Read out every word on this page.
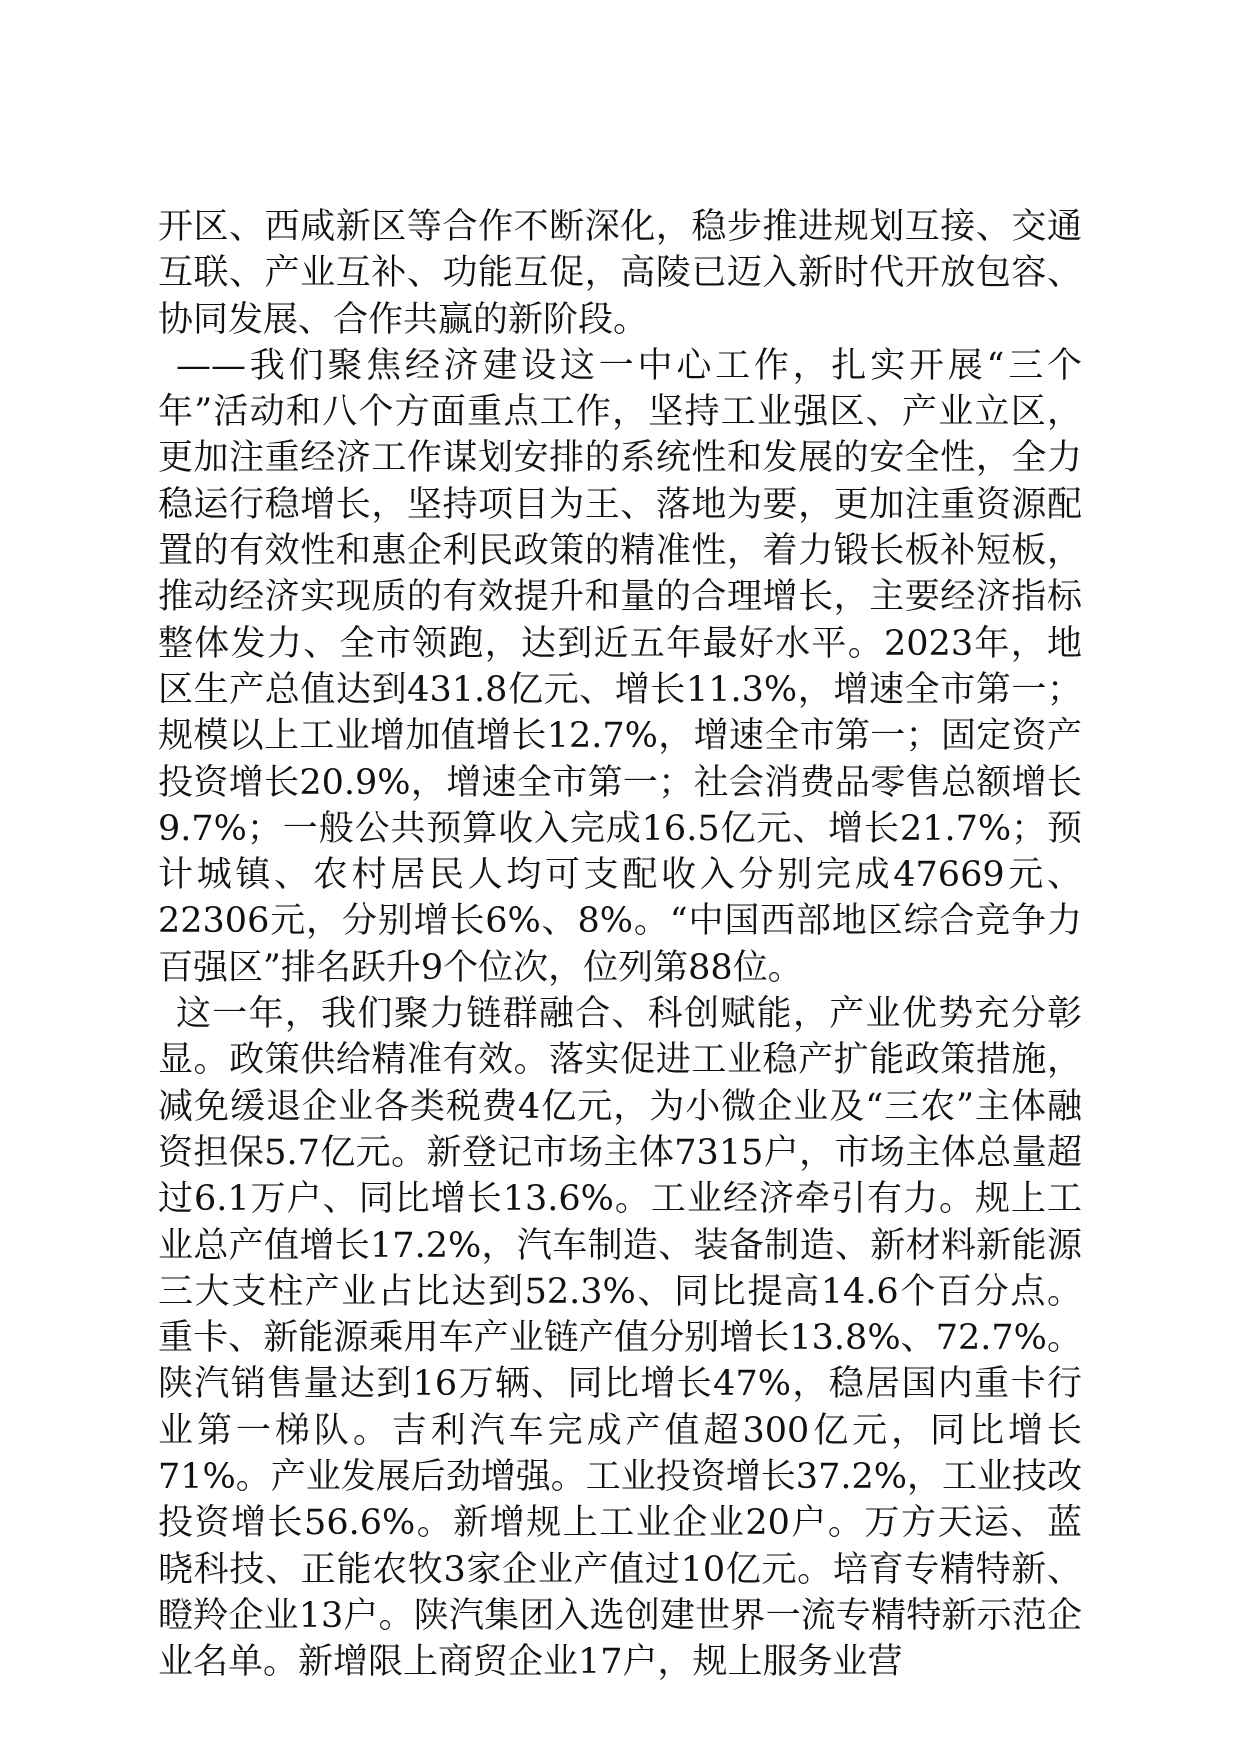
开区、西咸新区等合作不断深化，稳步推进规划互接、交通互联、产业互补、功能互促，高陵已迈入新时代开放包容、协同发展、合作共赢的新阶段。

——我们聚焦经济建设这一中心工作，扎实开展“三个年”活动和八个方面重点工作，坚持工业强区、产业立区，更加注重经济工作谋划安排的系统性和发展的安全性，全力稳运行稳增长，坚持项目为王、落地为要，更加注重资源配置的有效性和惠企利民政策的精准性，着力锻长板补短板，推动经济实现质的有效提升和量的合理增长，主要经济指标整体发力、全市领跑，达到近五年最好水平。2023年，地区生产总值达到431.8亿元、增长11.3%，增速全市第一；规模以上工业增加值增长12.7%，增速全市第一；固定资产投资增长20.9%，增速全市第一；社会消费品零售总额增长9.7%；一般公共预算收入完成16.5亿元、增长21.7%；预计城镇、农村居民人均可支配收入分别完成47669元、22306元，分别增长6%、8%。“中国西部地区综合竞争力百强区”排名跃升9个位次，位列第88位。

这一年，我们聚力链群融合、科创赋能，产业优势充分彰显。政策供给精准有效。落实促进工业稳产扩能政策措施，减免缓退企业各类税费4亿元，为小微企业及“三农”主体融资担保5.7亿元。新登记市场主体7315户，市场主体总量超过6.1万户、同比增长13.6%。工业经济牵引有力。规上工业总产值增长17.2%，汽车制造、装备制造、新材料新能源三大支柱产业占比达到52.3%、同比提高14.6个百分点。重卡、新能源乘用车产业链产值分别增长13.8%、72.7%。陕汽销售量达到16万辆、同比增长47%，稳居国内重卡行业第一梯队。吉利汽车完成产值超300亿元，同比增长71%。产业发展后劲增强。工业投资增长37.2%，工业技改投资增长56.6%。新增规上工业企业20户。万方天运、蓝晓科技、正能农牧3家企业产值过10亿元。培育专精特新、瞪羚企业13户。陕汽集团入选创建世界一流专精特新示范企业名单。新增限上商贸企业17户，规上服务业营
